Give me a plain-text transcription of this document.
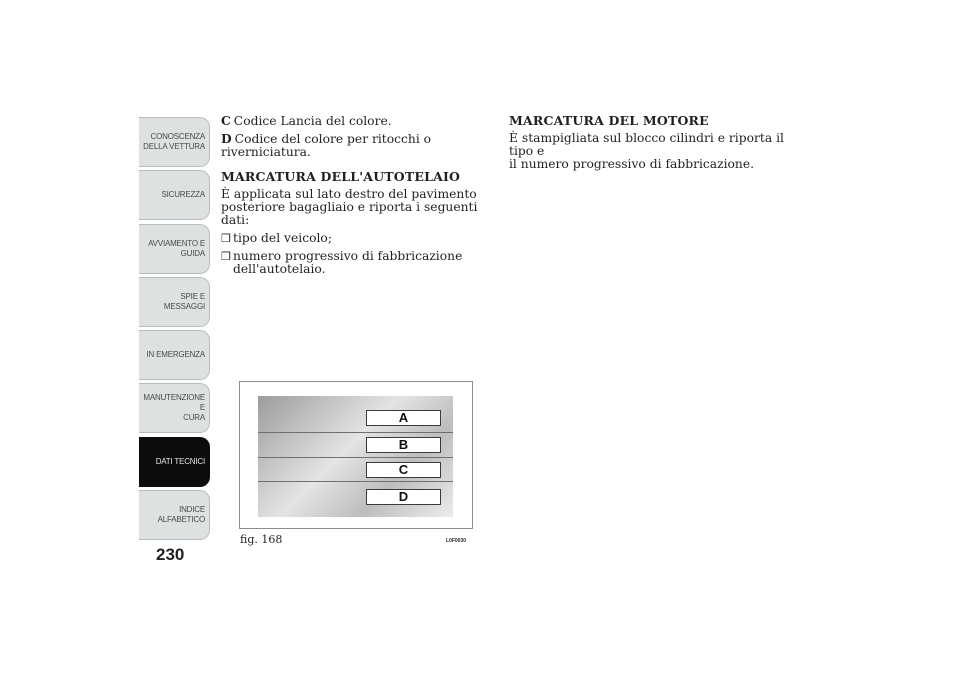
CONOSCENZA
DELLA VETTURA
SICUREZZA
AVVIAMENTO E
GUIDA
SPIE E MESSAGGI
IN EMERGENZA
MANUTENZIONE E
CURA
DATI TECNICI
INDICE
ALFABETICO
230

C Codice Lancia del colore.

D Codice del colore per ritocchi o riverniciatura.

MARCATURA DELL'AUTOTELAIO

È applicata sul lato destro del pavimento

posteriore bagagliaio e riporta i seguenti dati:

❒ tipo del veicolo;

❒ numero progressivo di fabbricazione

dell'autotelaio.

MARCATURA DEL MOTORE

È stampigliata sul blocco cilindri e riporta il tipo e

il numero progressivo di fabbricazione.

A
B
C
D
fig. 168	L0F0030
